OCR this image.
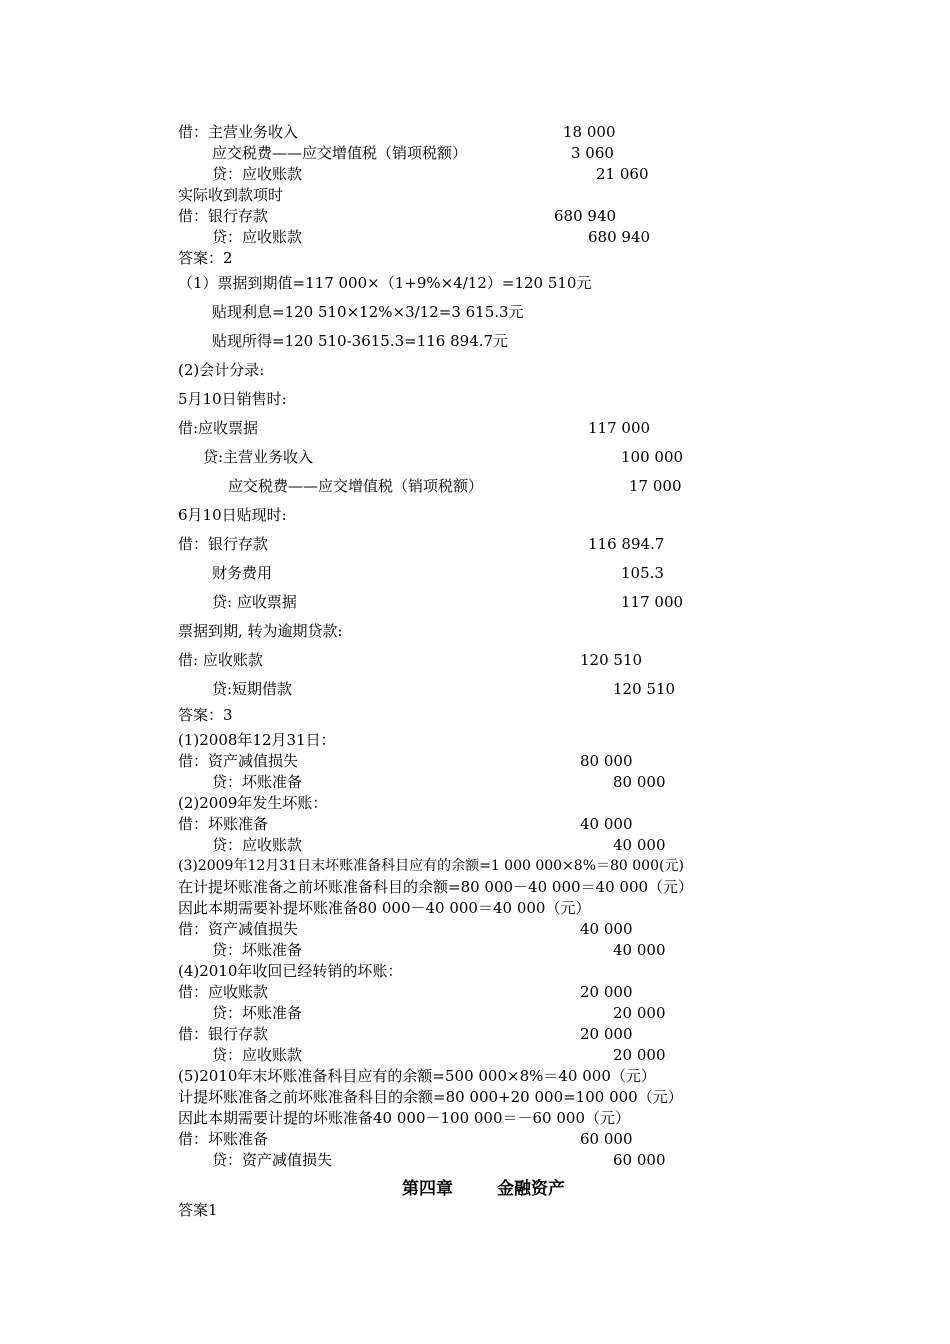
借：主营业务收入	18 000
应交税费——应交增值税（销项税额）	3 060
贷：应收账款	21 060
实际收到款项时
借：银行存款	680 940
贷：应收账款	680 940
答案：2
（1）票据到期值=117 000×（1+9%×4/12）=120 510元
贴现利息=120 510×12%×3/12=3 615.3元
贴现所得=120 510-3615.3=116 894.7元
(2)会计分录:
5月10日销售时:
借:应收票据	117 000
贷:主营业务收入	100 000
应交税费——应交增值税（销项税额）	17 000
6月10日贴现时:
借：银行存款	116 894.7
财务费用	105.3
贷: 应收票据	117 000
票据到期, 转为逾期贷款:
借: 应收账款	120 510
贷:短期借款	120 510
答案：3
(1)2008年12月31日：
借：资产减值损失	80 000
贷：坏账准备	80 000
(2)2009年发生坏账：
借：坏账准备	40 000
贷：应收账款	40 000
(3)2009年12月31日末坏账准备科目应有的余额=1 000 000×8%＝80 000(元)
在计提坏账准备之前坏账准备科目的余额=80 000－40 000＝40 000（元）
因此本期需要补提坏账准备80 000－40 000＝40 000（元）
借：资产减值损失	40 000
贷：坏账准备	40 000
(4)2010年收回已经转销的坏账：
借：应收账款	20 000
贷：坏账准备	20 000
借：银行存款	20 000
贷：应收账款	20 000
(5)2010年末坏账准备科目应有的余额=500 000×8%＝40 000（元）
计提坏账准备之前坏账准备科目的余额=80 000+20 000=100 000（元）
因此本期需要计提的坏账准备40 000－100 000＝－60 000（元）
借：坏账准备	60 000
贷：资产减值损失	60 000
第四章	金融资产
答案1
